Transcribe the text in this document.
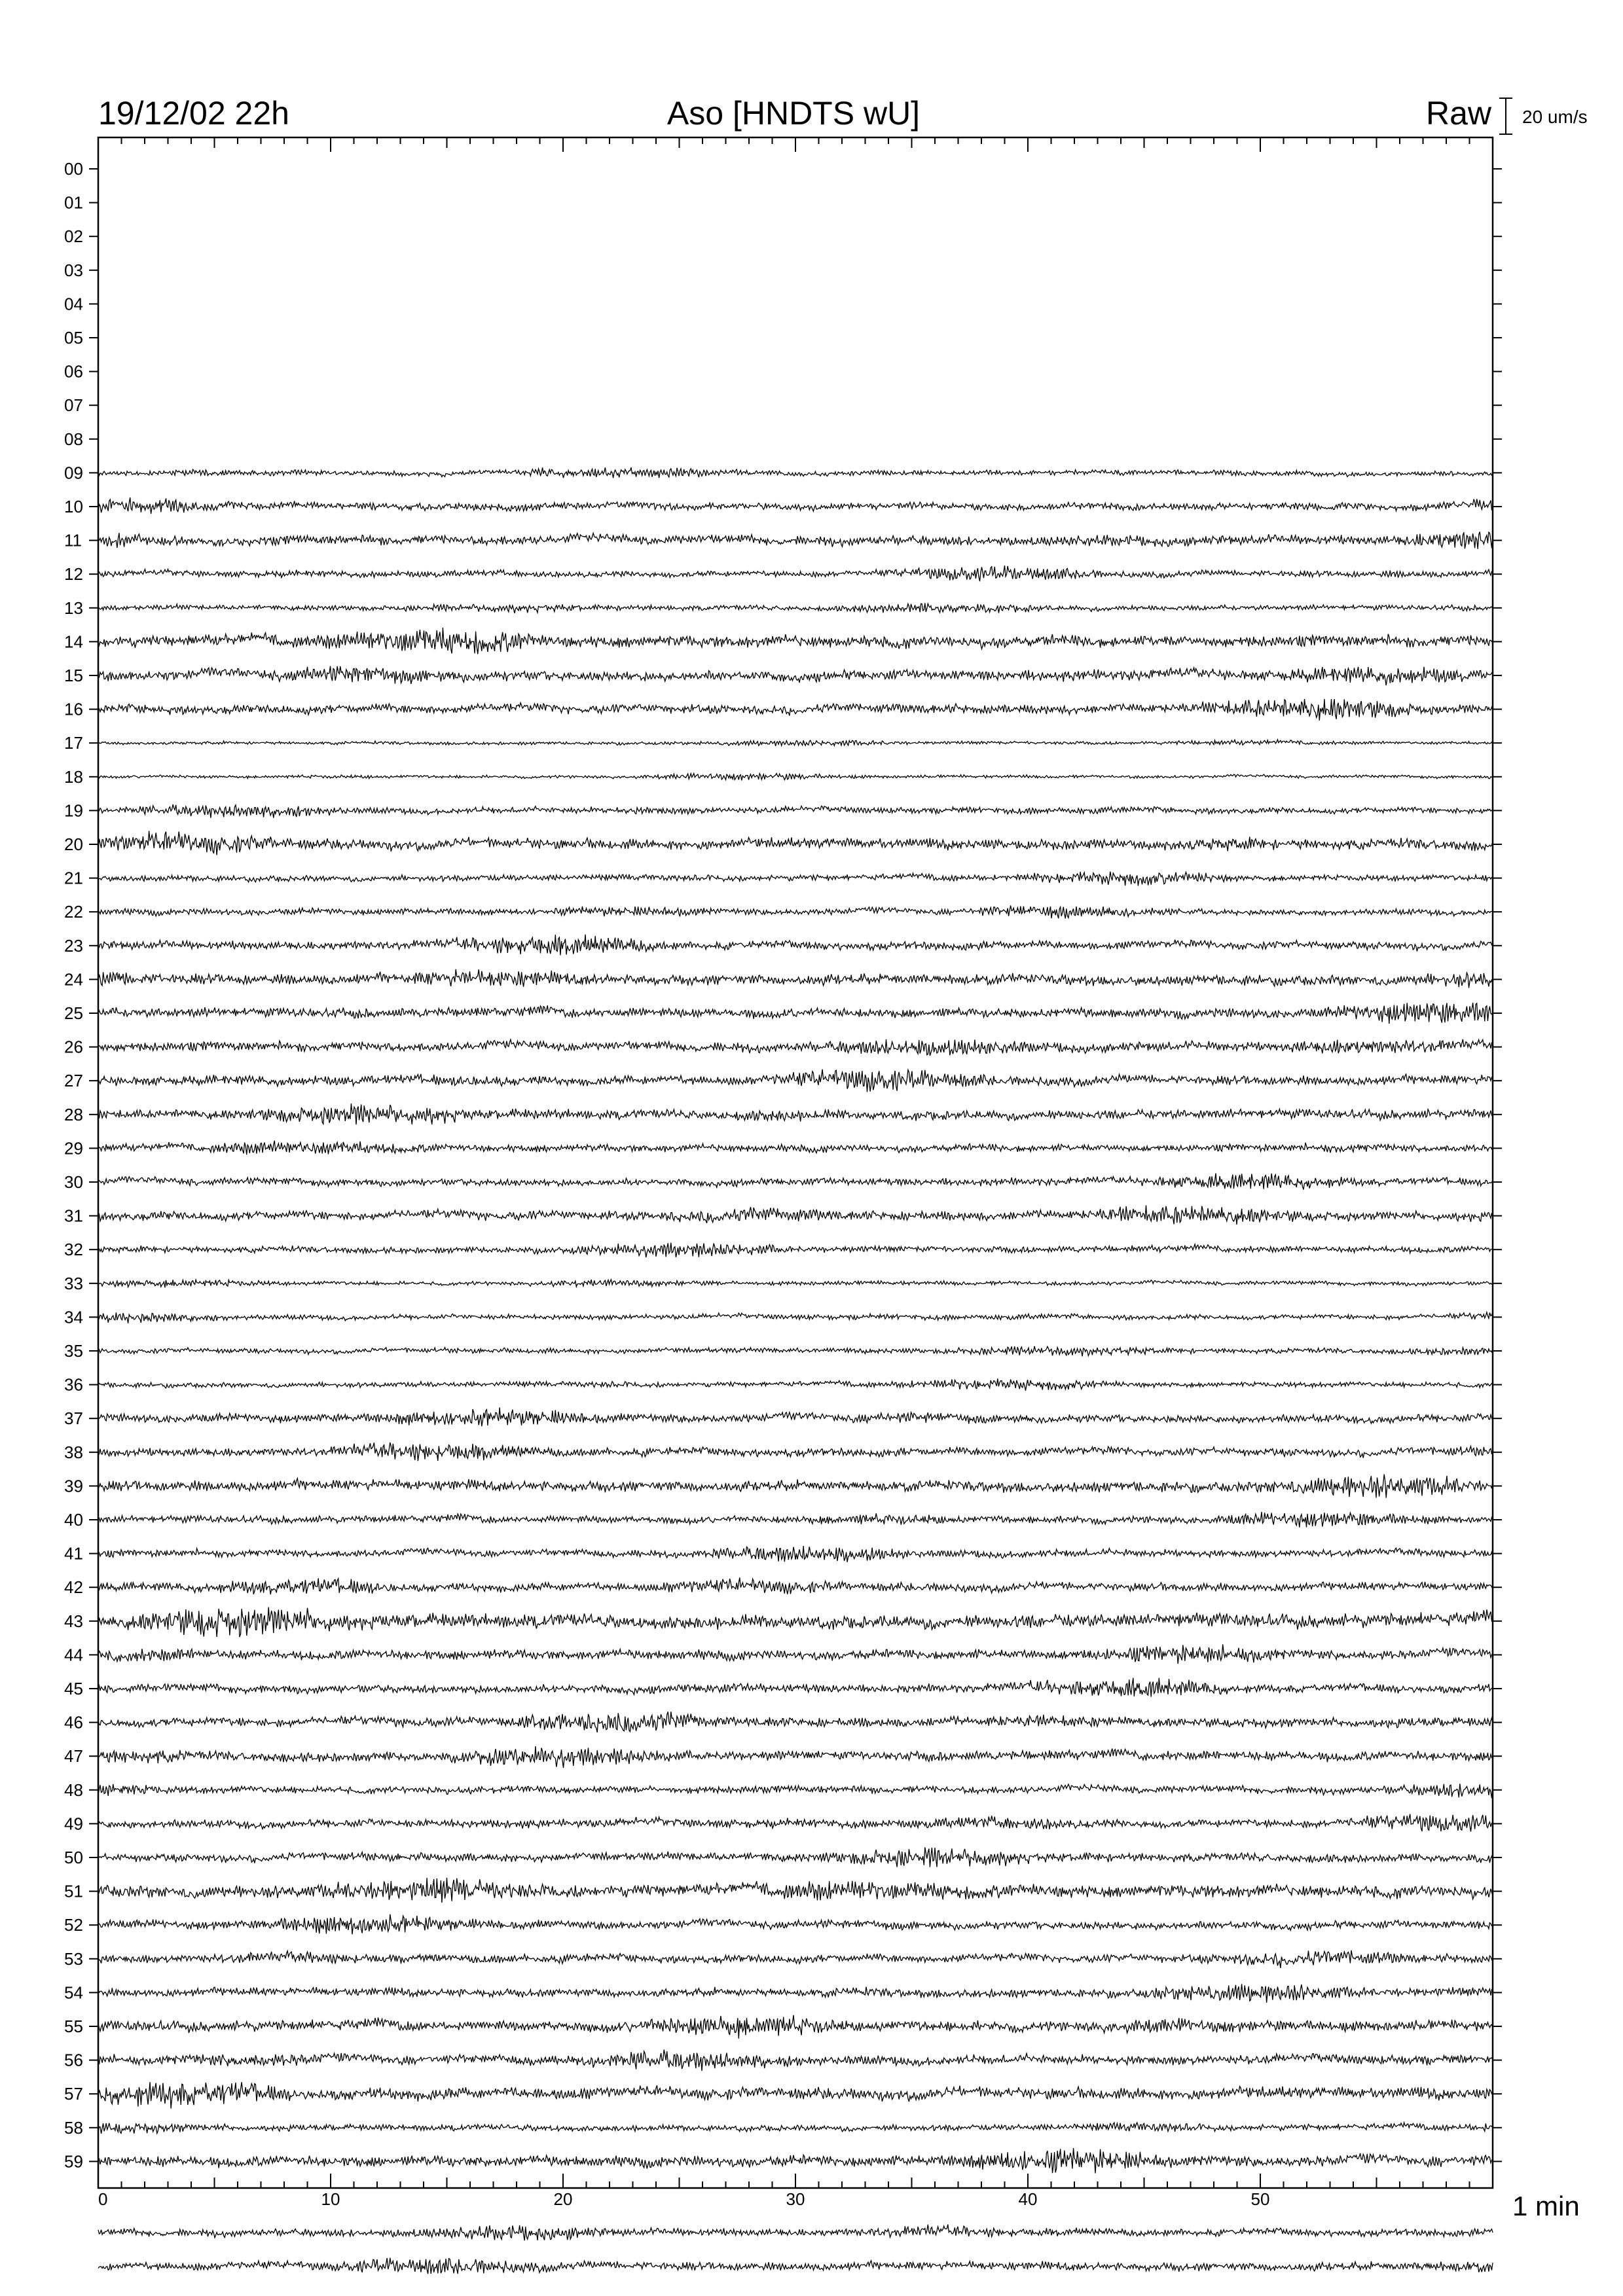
19/12/02 22h	Aso [HNDTS wU]	Raw 20 um/s
1 min
0	10	20	30	40	50
00
01
02
03
04
05
06
07
08
09
10
11
12
13
14
15
16
17
18
19
20
21
22
23
24
25
26
27
28
29
30
31
32
33
34
35
36
37
38
39
40
41
42
43
44
45
46
47
48
49
50
51
52
53
54
55
56
57
58
59
